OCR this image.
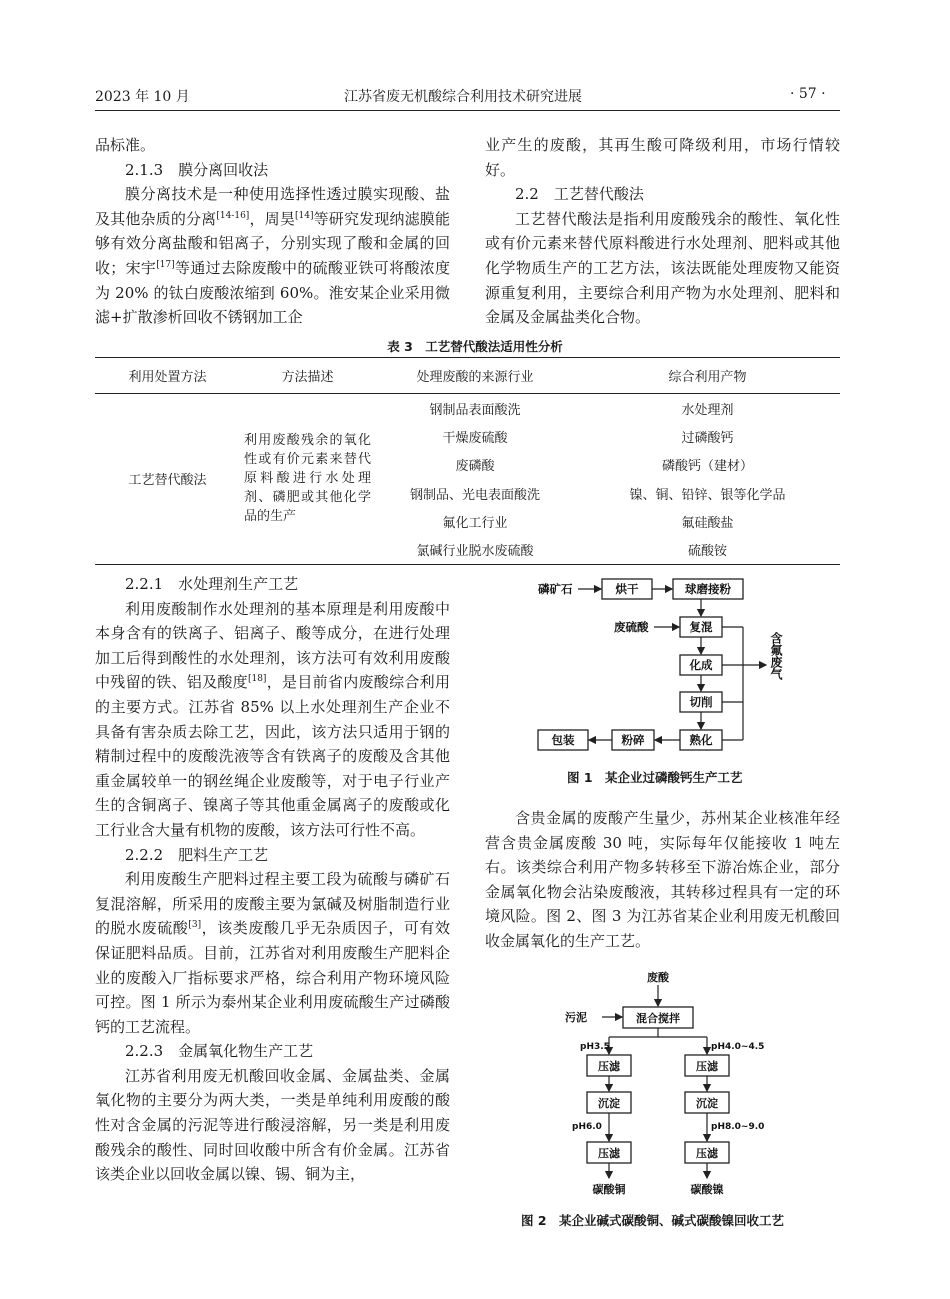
2023 年 10 月	江苏省废无机酸综合利用技术研究进展	· 57 ·

品标准。

2.1.3　膜分离回收法

膜分离技术是一种使用选择性透过膜实现酸、盐及其他杂质的分离[14-16]，周昊[14]等研究发现纳滤膜能够有效分离盐酸和铝离子，分别实现了酸和金属的回收；宋宇[17]等通过去除废酸中的硫酸亚铁可将酸浓度为 20% 的钛白废酸浓缩到 60%。淮安某企业采用微滤+扩散渗析回收不锈钢加工企

业产生的废酸，其再生酸可降级利用，市场行情较好。

2.2　工艺替代酸法

工艺替代酸法是指利用废酸残余的酸性、氧化性或有价元素来替代原料酸进行水处理剂、肥料或其他化学物质生产的工艺方法，该法既能处理废物又能资源重复利用，主要综合利用产物为水处理剂、肥料和金属及金属盐类化合物。

表 3　工艺替代酸法适用性分析
利用处置方法	方法描述	处理废酸的来源行业	综合利用产物
工艺替代酸法	利用废酸残余的氧化性或有价元素来替代原料酸进行水处理剂、磷肥或其他化学品的生产	钢制品表面酸洗	水处理剂
		干燥废硫酸	过磷酸钙
		废磷酸	磷酸钙（建材）
		钢制品、光电表面酸洗	镍、铜、铅锌、银等化学品
		氟化工行业	氟硅酸盐
		氯碱行业脱水废硫酸	硫酸铵

2.2.1　水处理剂生产工艺

利用废酸制作水处理剂的基本原理是利用废酸中本身含有的铁离子、铝离子、酸等成分，在进行处理加工后得到酸性的水处理剂，该方法可有效利用废酸中残留的铁、铝及酸度[18]，是目前省内废酸综合利用的主要方式。江苏省 85% 以上水处理剂生产企业不具备有害杂质去除工艺，因此，该方法只适用于钢的精制过程中的废酸洗液等含有铁离子的废酸及含其他重金属较单一的钢丝绳企业废酸等，对于电子行业产生的含铜离子、镍离子等其他重金属离子的废酸或化工行业含大量有机物的废酸，该方法可行性不高。

2.2.2　肥料生产工艺

利用废酸生产肥料过程主要工段为硫酸与磷矿石复混溶解，所采用的废酸主要为氯碱及树脂制造行业的脱水废硫酸[3]，该类废酸几乎无杂质因子，可有效保证肥料品质。目前，江苏省对利用废酸生产肥料企业的废酸入厂指标要求严格，综合利用产物环境风险可控。图 1 所示为泰州某企业利用废硫酸生产过磷酸钙的工艺流程。

2.2.3　金属氧化物生产工艺

江苏省利用废无机酸回收金属、金属盐类、金属氧化物的主要分为两大类，一类是单纯利用废酸的酸性对含金属的污泥等进行酸浸溶解，另一类是利用废酸残余的酸性、同时回收酸中所含有价金属。江苏省该类企业以回收金属以镍、锡、铜为主，

磷矿石	烘干	球磨接粉
废硫酸	复混
化成
切削
熟化
粉碎
包装
含氟废气
图 1　某企业过磷酸钙生产工艺

含贵金属的废酸产生量少，苏州某企业核准年经营含贵金属废酸 30 吨，实际每年仅能接收 1 吨左右。该类综合利用产物多转移至下游冶炼企业，部分金属氧化物会沾染废酸液，其转移过程具有一定的环境风险。图 2、图 3 为江苏省某企业利用废无机酸回收金属氧化的生产工艺。

废酸
污泥	混合搅拌
pH3.5	pH4.0~4.5
压滤	压滤
沉淀	沉淀
pH6.0	pH8.0~9.0
压滤	压滤
碳酸铜	碳酸镍
图 2　某企业碱式碳酸铜、碱式碳酸镍回收工艺
